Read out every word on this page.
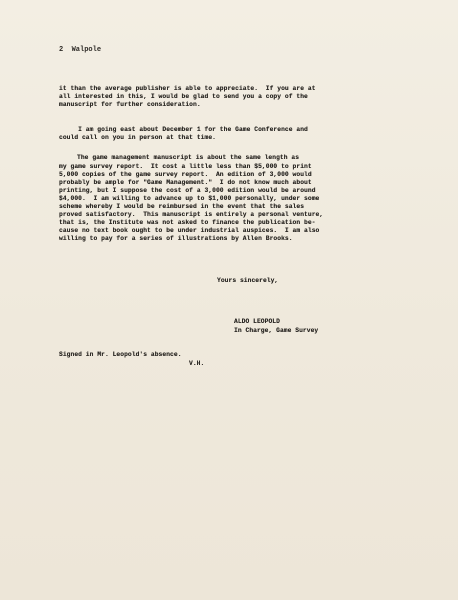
2 Walpole
it than the average publisher is able to appreciate.  If you are at
all interested in this, I would be glad to send you a copy of the
manuscript for further consideration.
I am going east about December 1 for the Game Conference and
could call on you in person at that time.
The game management manuscript is about the same length as
my game survey report.  It cost a little less than $5,000 to print
5,000 copies of the game survey report.  An edition of 3,000 would
probably be ample for "Game Management."  I do not know much about
printing, but I suppose the cost of a 3,000 edition would be around
$4,000.  I am willing to advance up to $1,000 personally, under some
scheme whereby I would be reimbursed in the event that the sales
proved satisfactory.  This manuscript is entirely a personal venture,
that is, the Institute was not asked to finance the publication be-
cause no text book ought to be under industrial auspices.  I am also
willing to pay for a series of illustrations by Allen Brooks.
Yours sincerely,
ALDO LEOPOLD
In Charge, Game Survey
Signed in Mr. Leopold's absence.
V.H.
